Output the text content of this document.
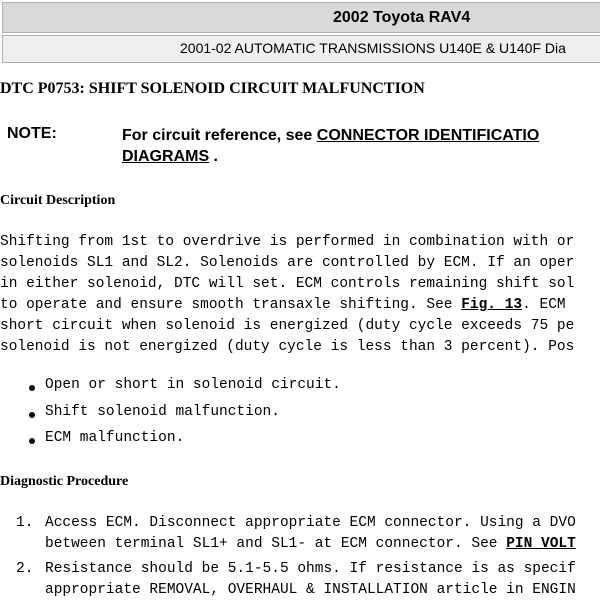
2002 Toyota RAV4
2001-02 AUTOMATIC TRANSMISSIONS U140E & U140F Dia
DTC P0753: SHIFT SOLENOID CIRCUIT MALFUNCTION
NOTE:	For circuit reference, see CONNECTOR IDENTIFICATIO
DIAGRAMS .
Circuit Description
Shifting from 1st to overdrive is performed in combination with or
solenoids SL1 and SL2. Solenoids are controlled by ECM. If an oper
in either solenoid, DTC will set. ECM controls remaining shift sol
to operate and ensure smooth transaxle shifting. See Fig. 13. ECM
short circuit when solenoid is energized (duty cycle exceeds 75 pe
solenoid is not energized (duty cycle is less than 3 percent). Pos
Open or short in solenoid circuit.
Shift solenoid malfunction.
ECM malfunction.
Diagnostic Procedure
1. Access ECM. Disconnect appropriate ECM connector. Using a DVO
between terminal SL1+ and SL1- at ECM connector. See PIN VOLT
2. Resistance should be 5.1-5.5 ohms. If resistance is as specif
appropriate REMOVAL, OVERHAUL & INSTALLATION article in ENGIN
